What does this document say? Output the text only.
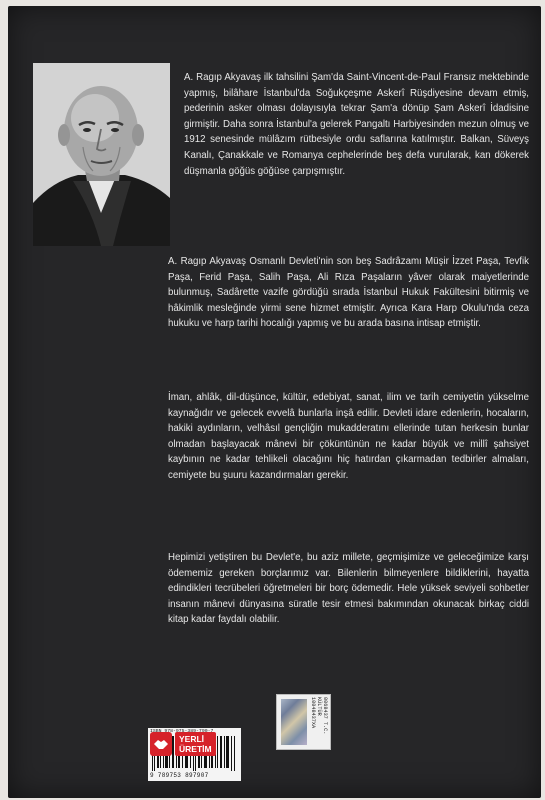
A. Ragıp Akyavaş ilk tahsilini Şam'da Saint-Vincent-de-Paul Fransız mektebinde yapmış, bilâhare İstanbul'da Soğukçeşme Askerî Rüşdiyesine devam etmiş, pederinin asker olması dolayısıyla tekrar Şam'a dönüp Şam Askerî İdadisine girmiştir. Daha sonra İstanbul'a gelerek Pangaltı Harbiyesinden mezun olmuş ve 1912 senesinde mülâzım rütbesiyle ordu saflarına katılmıştır. Balkan, Süveyş Kanalı, Çanakkale ve Romanya cephelerinde beş defa vurularak, kan dökerek düşmanla göğüs göğüse çarpışmıştır.

A. Ragıp Akyavaş Osmanlı Devleti'nin son beş Sadrâzamı Müşir İzzet Paşa, Tevfik Paşa, Ferid Paşa, Salih Paşa, Ali Rıza Paşaların yâver olarak maiyetlerinde bulunmuş, Sadârette vazife gördüğü sırada İstanbul Hukuk Fakültesini bitirmiş ve hâkimlik mesleğinde yirmi sene hizmet etmiştir. Ayrıca Kara Harp Okulu'nda ceza hukuku ve harp tarihi hocalığı yapmış ve bu arada basına intisap etmiştir.

İman, ahlâk, dil-düşünce, kültür, edebiyat, sanat, ilim ve tarih cemiyetin yükselme kaynağıdır ve gelecek evvelâ bunlarla inşâ edilir. Devleti idare edenlerin, hocaların, hakiki aydınların, velhâsıl gençliğin mukadderatını ellerinde tutan herkesin bunlar olmadan başlayacak mânevi bir çöküntünün ne kadar büyük ve millî şahsiyet kaybının ne kadar tehlikeli olacağını hiç hatırdan çıkarmadan tedbirler almaları, cemiyete bu şuuru kazandırmaları gerekir.

Hepimizi yetiştiren bu Devlet'e, bu aziz millete, geçmişimize ve geleceğimize karşı ödememiz gereken borçlarımız var. Bilenlerin bilmeyenlere bildiklerini, hayatta edindikleri tecrübeleri öğretmeleri bir borç ödemedir. Hele yüksek seviyeli sohbetler insanın mânevi dünyasına süratle tesir etmesi bakımından okunacak birkaç ciddi kitap kadar faydalı olabilir.

0068437 T.C. KÜLTÜR 10048437XA
9 789753 897907
YERLİ
ÜRETİM
